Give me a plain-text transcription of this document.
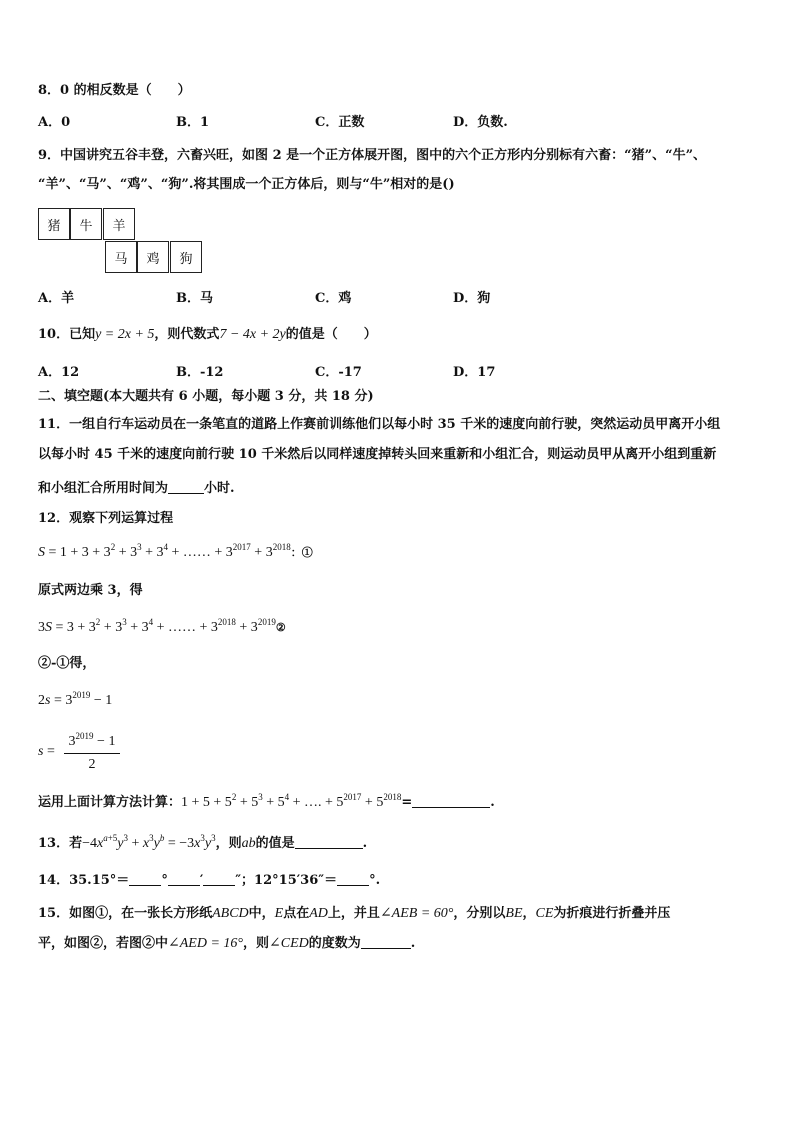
8．0 的相反数是（　　）
A．0	B．1	C．正数	D．负数.
9．中国讲究五谷丰登，六畜兴旺，如图 2 是一个正方体展开图，图中的六个正方形内分别标有六畜：“猪”、“牛”、
“羊”、“马”、“鸡”、“狗”.将其围成一个正方体后，则与“牛”相对的是()
猪	牛	羊
马	鸡	狗
A．羊	B．马	C．鸡	D．狗
10．已知y = 2x + 5，则代数式7 − 4x + 2y的值是（　　）
A．12	B．-12	C．-17	D．17
二、填空题(本大题共有 6 小题，每小题 3 分，共 18 分)
11．一组自行车运动员在一条笔直的道路上作赛前训练他们以每小时 35 千米的速度向前行驶，突然运动员甲离开小组
以每小时 45 千米的速度向前行驶 10 千米然后以同样速度掉转头回来重新和小组汇合，则运动员甲从离开小组到重新
和小组汇合所用时间为	小时.
12．观察下列运算过程
$S = 1 + 3 + 3^2 + 3^3 + 3^4$ + …… + $3^{2017} + 3^{2018}$：①
原式两边乘 3，得
$3S = 3 + 3^2 + 3^3 + 3^4$ + …… + $3^{2018}$ + $3^{2019}②$
②-①得，
$2s = 3^{2019} - 1$
s =
$3^{2019} - 1$
2
运用上面计算方法计算：$1 + 5 + 5^2 + 5^3 + 5^4$ + …. + $5^{2017} + 5^{2018}=$	.
13．若$-4x^{a+5}y^3 + x^3y^b = -3x^3y^3$，则ab的值是	.
14．35.15°＝ ° ′ ″；12°15′36″＝ °.
15．如图①，在一张长方形纸ABCD中，E点在AD上，并且∠AEB = 60°，分别以BE，CE为折痕进行折叠并压
平，如图②，若图②中∠AED = 16°，则∠CED的度数为	.
